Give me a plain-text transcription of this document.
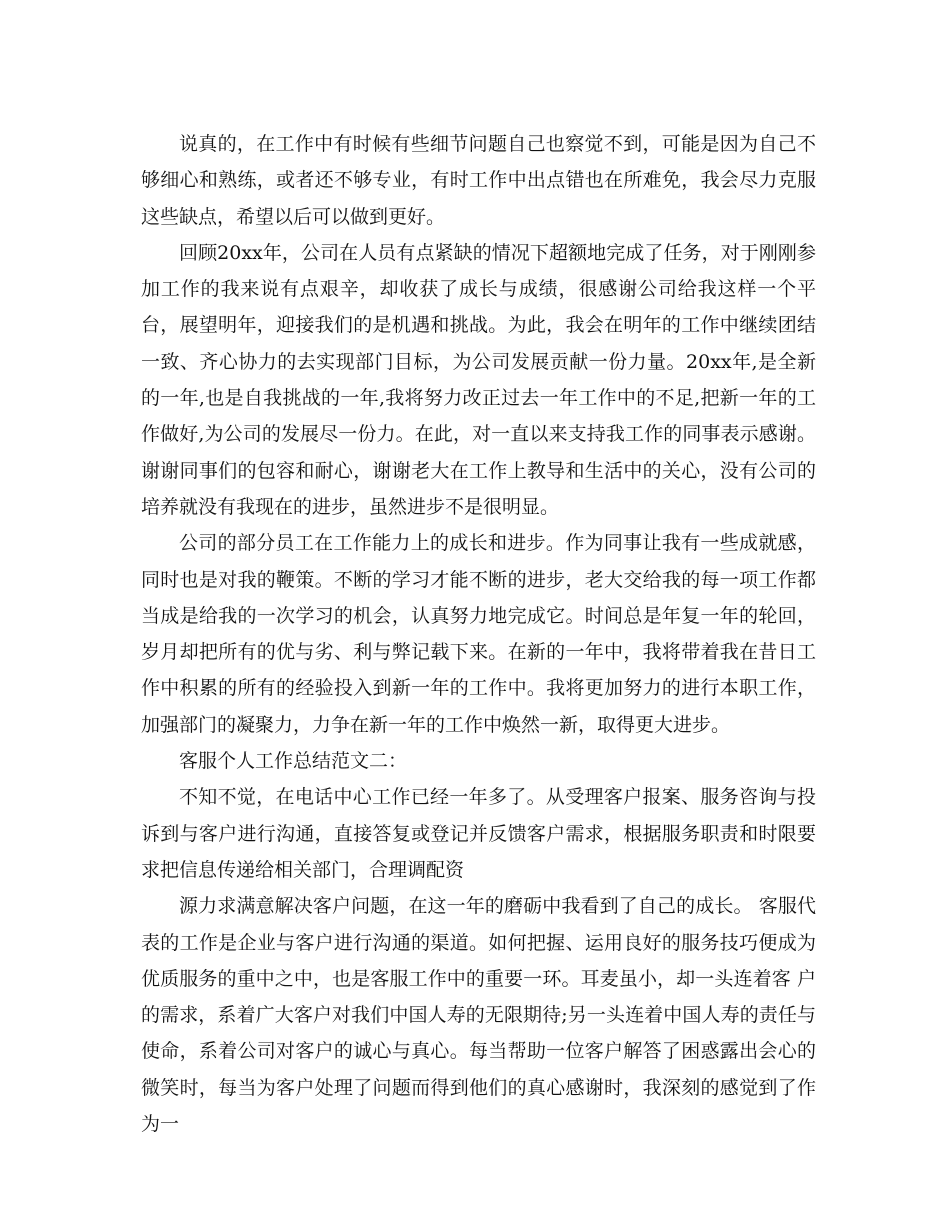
说真的，在工作中有时候有些细节问题自己也察觉不到，可能是因为自己不够细心和熟练，或者还不够专业，有时工作中出点错也在所难免，我会尽力克服这些缺点，希望以后可以做到更好。

回顾20xx年，公司在人员有点紧缺的情况下超额地完成了任务，对于刚刚参加工作的我来说有点艰辛，却收获了成长与成绩，很感谢公司给我这样一个平台，展望明年，迎接我们的是机遇和挑战。为此，我会在明年的工作中继续团结一致、齐心协力的去实现部门目标，为公司发展贡献一份力量。20xx年,是全新的一年,也是自我挑战的一年,我将努力改正过去一年工作中的不足,把新一年的工作做好,为公司的发展尽一份力。在此，对一直以来支持我工作的同事表示感谢。谢谢同事们的包容和耐心，谢谢老大在工作上教导和生活中的关心，没有公司的培养就没有我现在的进步，虽然进步不是很明显。

公司的部分员工在工作能力上的成长和进步。作为同事让我有一些成就感，同时也是对我的鞭策。不断的学习才能不断的进步，老大交给我的每一项工作都当成是给我的一次学习的机会，认真努力地完成它。时间总是年复一年的轮回，岁月却把所有的优与劣、利与弊记载下来。在新的一年中，我将带着我在昔日工作中积累的所有的经验投入到新一年的工作中。我将更加努力的进行本职工作，加强部门的凝聚力，力争在新一年的工作中焕然一新，取得更大进步。

客服个人工作总结范文二：

不知不觉，在电话中心工作已经一年多了。从受理客户报案、服务咨询与投诉到与客户进行沟通，直接答复或登记并反馈客户需求，根据服务职责和时限要求把信息传递给相关部门，合理调配资

源力求满意解决客户问题，在这一年的磨砺中我看到了自己的成长。 客服代表的工作是企业与客户进行沟通的渠道。如何把握、运用良好的服务技巧便成为优质服务的重中之中，也是客服工作中的重要一环。耳麦虽小，却一头连着客 户的需求，系着广大客户对我们中国人寿的无限期待;另一头连着中国人寿的责任与使命，系着公司对客户的诚心与真心。每当帮助一位客户解答了困惑露出会心的 微笑时，每当为客户处理了问题而得到他们的真心感谢时，我深刻的感觉到了作为一
